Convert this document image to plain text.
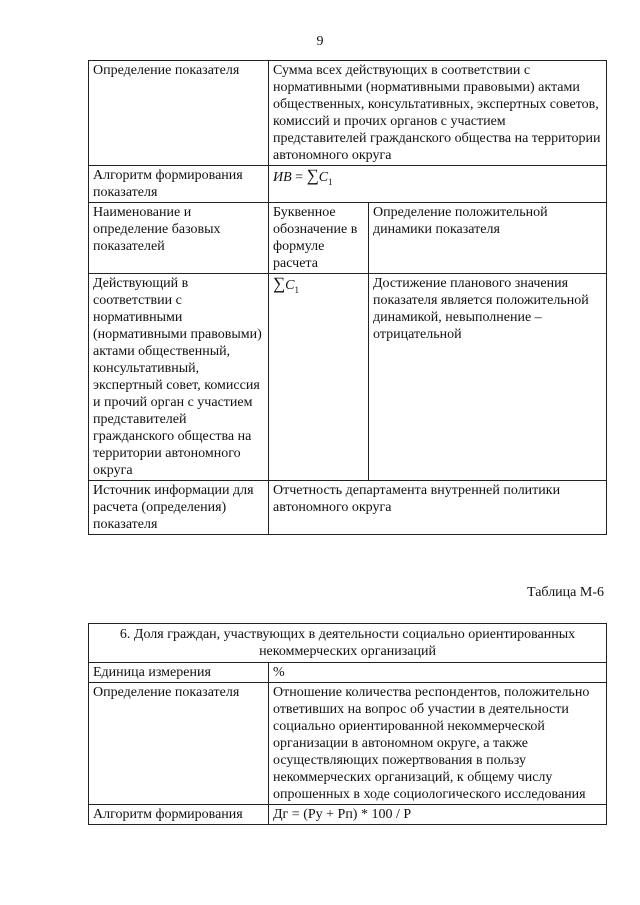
9
Определение показателя	Сумма всех действующих в соответствии с нормативными (нормативными правовыми) актами общественных, консультативных, экспертных советов, комиссий и прочих органов с участием представителей гражданского общества на территории автономного округа	
Алгоритм формирования показателя	ИВ = $\sum С_1$
Наименование и определение базовых показателей	Буквенное обозначение в формуле расчета	Определение положительной динамики показателя
Действующий в соответствии с нормативными (нормативными правовыми) актами общественный, консультативный, экспертный совет, комиссия и прочий орган с участием представителей гражданского общества на территории автономного округа	$\sum С_1$	Достижение планового значения показателя является положительной динамикой, невыполнение – отрицательной
Источник информации для расчета (определения) показателя	Отчетность департамента внутренней политики автономного округа	
Таблица М-6
6. Доля граждан, участвующих в деятельности социально ориентированных некоммерческих организаций	
Единица измерения	%
Определение показателя	Отношение количества респондентов, положительно ответивших на вопрос об участии в деятельности социально ориентированной некоммерческой организации в автономном округе, а также осуществляющих пожертвования в пользу некоммерческих организаций, к общему числу опрошенных в ходе социологического исследования
Алгоритм формирования	Дг = (Ру + Рп) * 100 / Р
